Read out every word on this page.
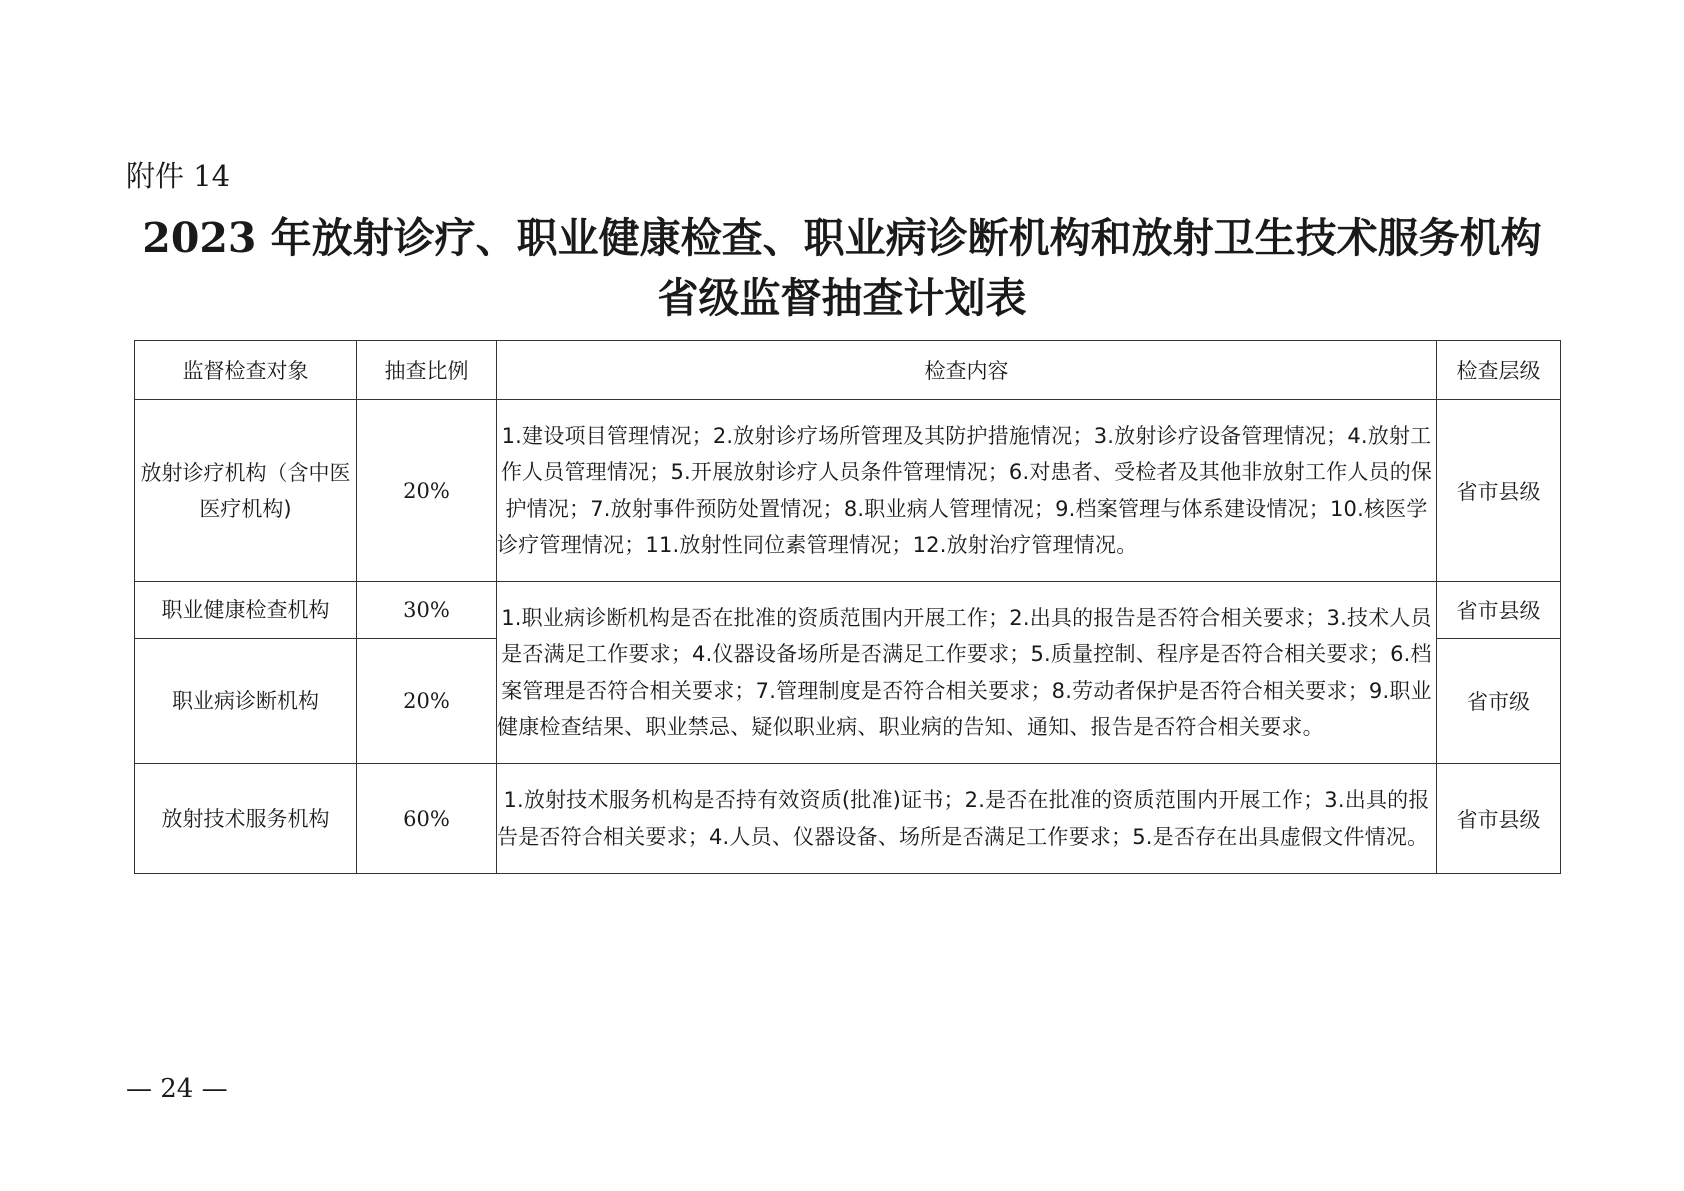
附件 14
2023 年放射诊疗、职业健康检查、职业病诊断机构和放射卫生技术服务机构
省级监督抽查计划表
监督检查对象	抽查比例	检查内容	检查层级
放射诊疗机构（含中医医疗机构)	20%	1.建设项目管理情况；2.放射诊疗场所管理及其防护措施情况；3.放射诊疗设备管理情况；4.放射工作人员管理情况；5.开展放射诊疗人员条件管理情况；6.对患者、受检者及其他非放射工作人员的保护情况；7.放射事件预防处置情况；8.职业病人管理情况；9.档案管理与体系建设情况；10.核医学诊疗管理情况；11.放射性同位素管理情况；12.放射治疗管理情况。	省市县级
职业健康检查机构	30%	1.职业病诊断机构是否在批准的资质范围内开展工作；2.出具的报告是否符合相关要求；3.技术人员是否满足工作要求；4.仪器设备场所是否满足工作要求；5.质量控制、程序是否符合相关要求；6.档案管理是否符合相关要求；7.管理制度是否符合相关要求；8.劳动者保护是否符合相关要求；9.职业健康检查结果、职业禁忌、疑似职业病、职业病的告知、通知、报告是否符合相关要求。	省市县级
职业病诊断机构	20%		省市级
放射技术服务机构	60%	1.放射技术服务机构是否持有效资质(批准)证书；2.是否在批准的资质范围内开展工作；3.出具的报告是否符合相关要求；4.人员、仪器设备、场所是否满足工作要求；5.是否存在出具虚假文件情况。	省市县级
— 24 —
